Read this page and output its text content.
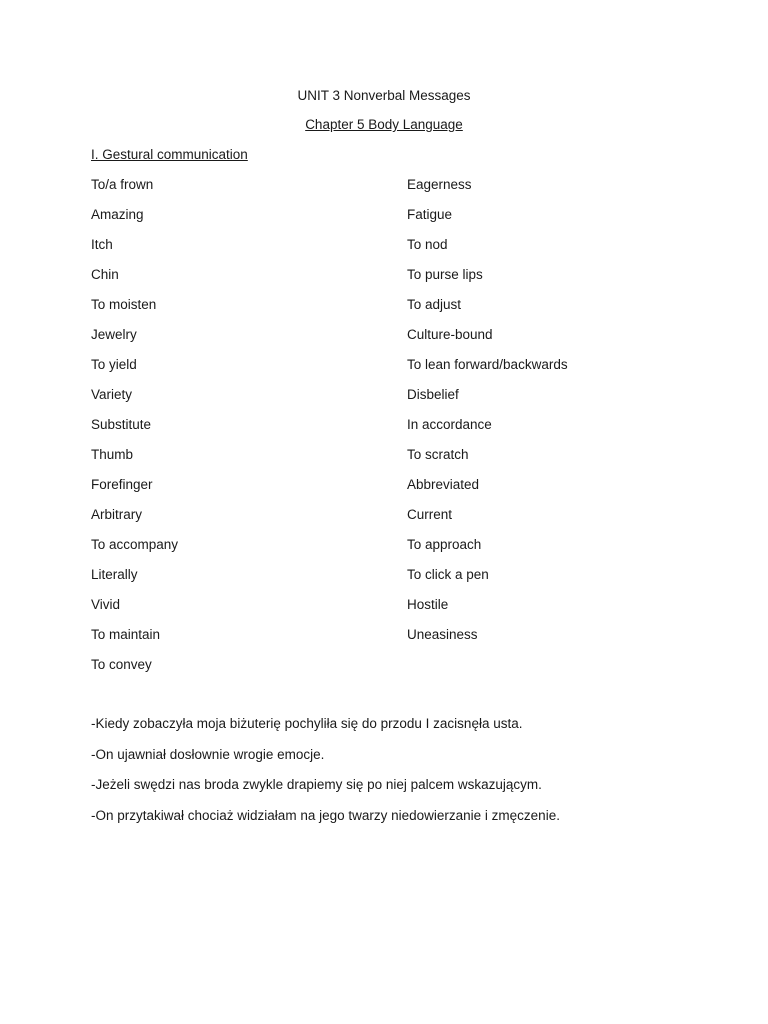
UNIT 3 Nonverbal Messages
Chapter 5 Body Language
I. Gestural communication
To/a frown	Eagerness
Amazing	Fatigue
Itch	To nod
Chin	To purse lips
To moisten	To adjust
Jewelry	Culture-bound
To yield	To lean forward/backwards
Variety	Disbelief
Substitute	In accordance
Thumb	To scratch
Forefinger	Abbreviated
Arbitrary	Current
To accompany	To approach
Literally	To click a pen
Vivid	Hostile
To maintain	Uneasiness
To convey
-Kiedy zobaczyła moja biżuterię pochyliła się do przodu I zacisnęła usta.
-On ujawniał dosłownie wrogie emocje.
-Jeżeli swędzi nas broda zwykle drapiemy się po niej palcem wskazującym.
-On przytakiwał chociaż widziałam na jego twarzy niedowierzanie i zmęczenie.
